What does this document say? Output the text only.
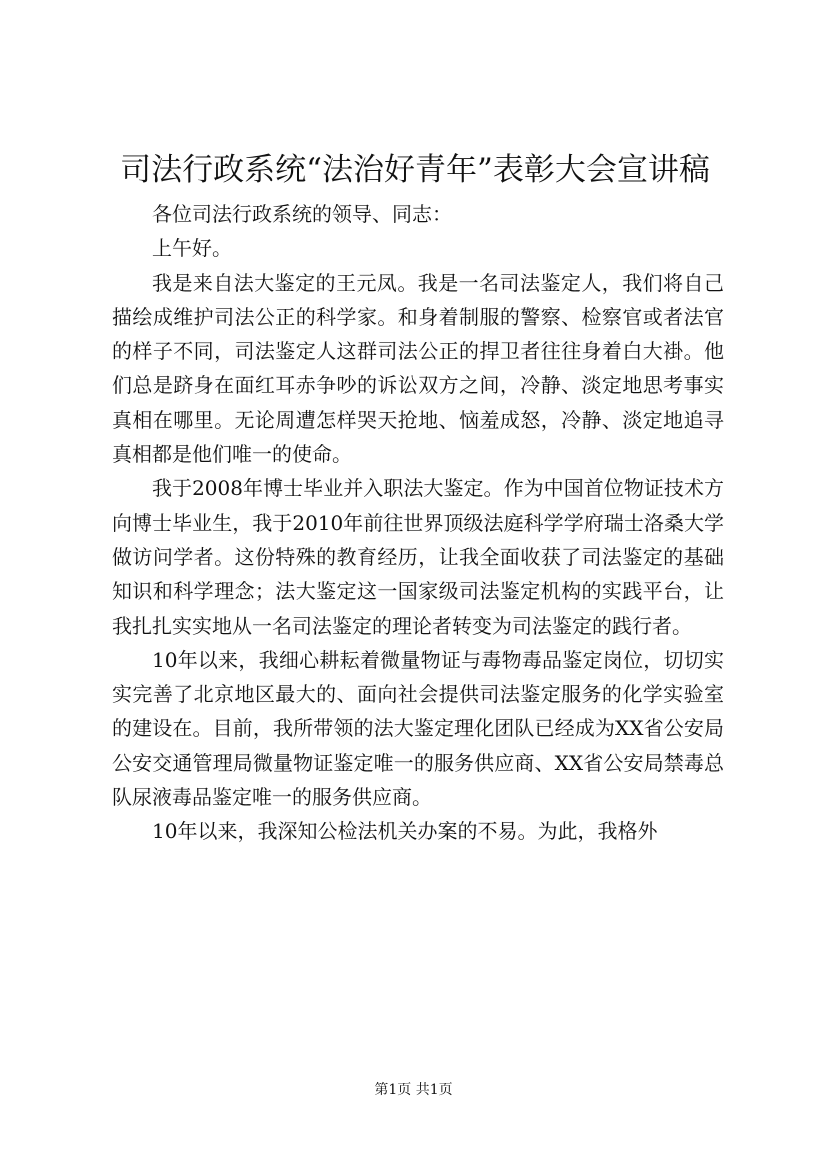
司法行政系统“法治好青年”表彰大会宣讲稿

各位司法行政系统的领导、同志：

上午好。

我是来自法大鉴定的王元凤。我是一名司法鉴定人，我们将自己描绘成维护司法公正的科学家。和身着制服的警察、检察官或者法官的样子不同，司法鉴定人这群司法公正的捍卫者往往身着白大褂。他们总是跻身在面红耳赤争吵的诉讼双方之间，冷静、淡定地思考事实真相在哪里。无论周遭怎样哭天抢地、恼羞成怒，冷静、淡定地追寻真相都是他们唯一的使命。

我于2008年博士毕业并入职法大鉴定。作为中国首位物证技术方向博士毕业生，我于2010年前往世界顶级法庭科学学府瑞士洛桑大学做访问学者。这份特殊的教育经历，让我全面收获了司法鉴定的基础知识和科学理念；法大鉴定这一国家级司法鉴定机构的实践平台，让我扎扎实实地从一名司法鉴定的理论者转变为司法鉴定的践行者。

10年以来，我细心耕耘着微量物证与毒物毒品鉴定岗位，切切实实完善了北京地区最大的、面向社会提供司法鉴定服务的化学实验室的建设在。目前，我所带领的法大鉴定理化团队已经成为XX省公安局公安交通管理局微量物证鉴定唯一的服务供应商、XX省公安局禁毒总队尿液毒品鉴定唯一的服务供应商。

10年以来，我深知公检法机关办案的不易。为此，我格外

第1页 共1页
